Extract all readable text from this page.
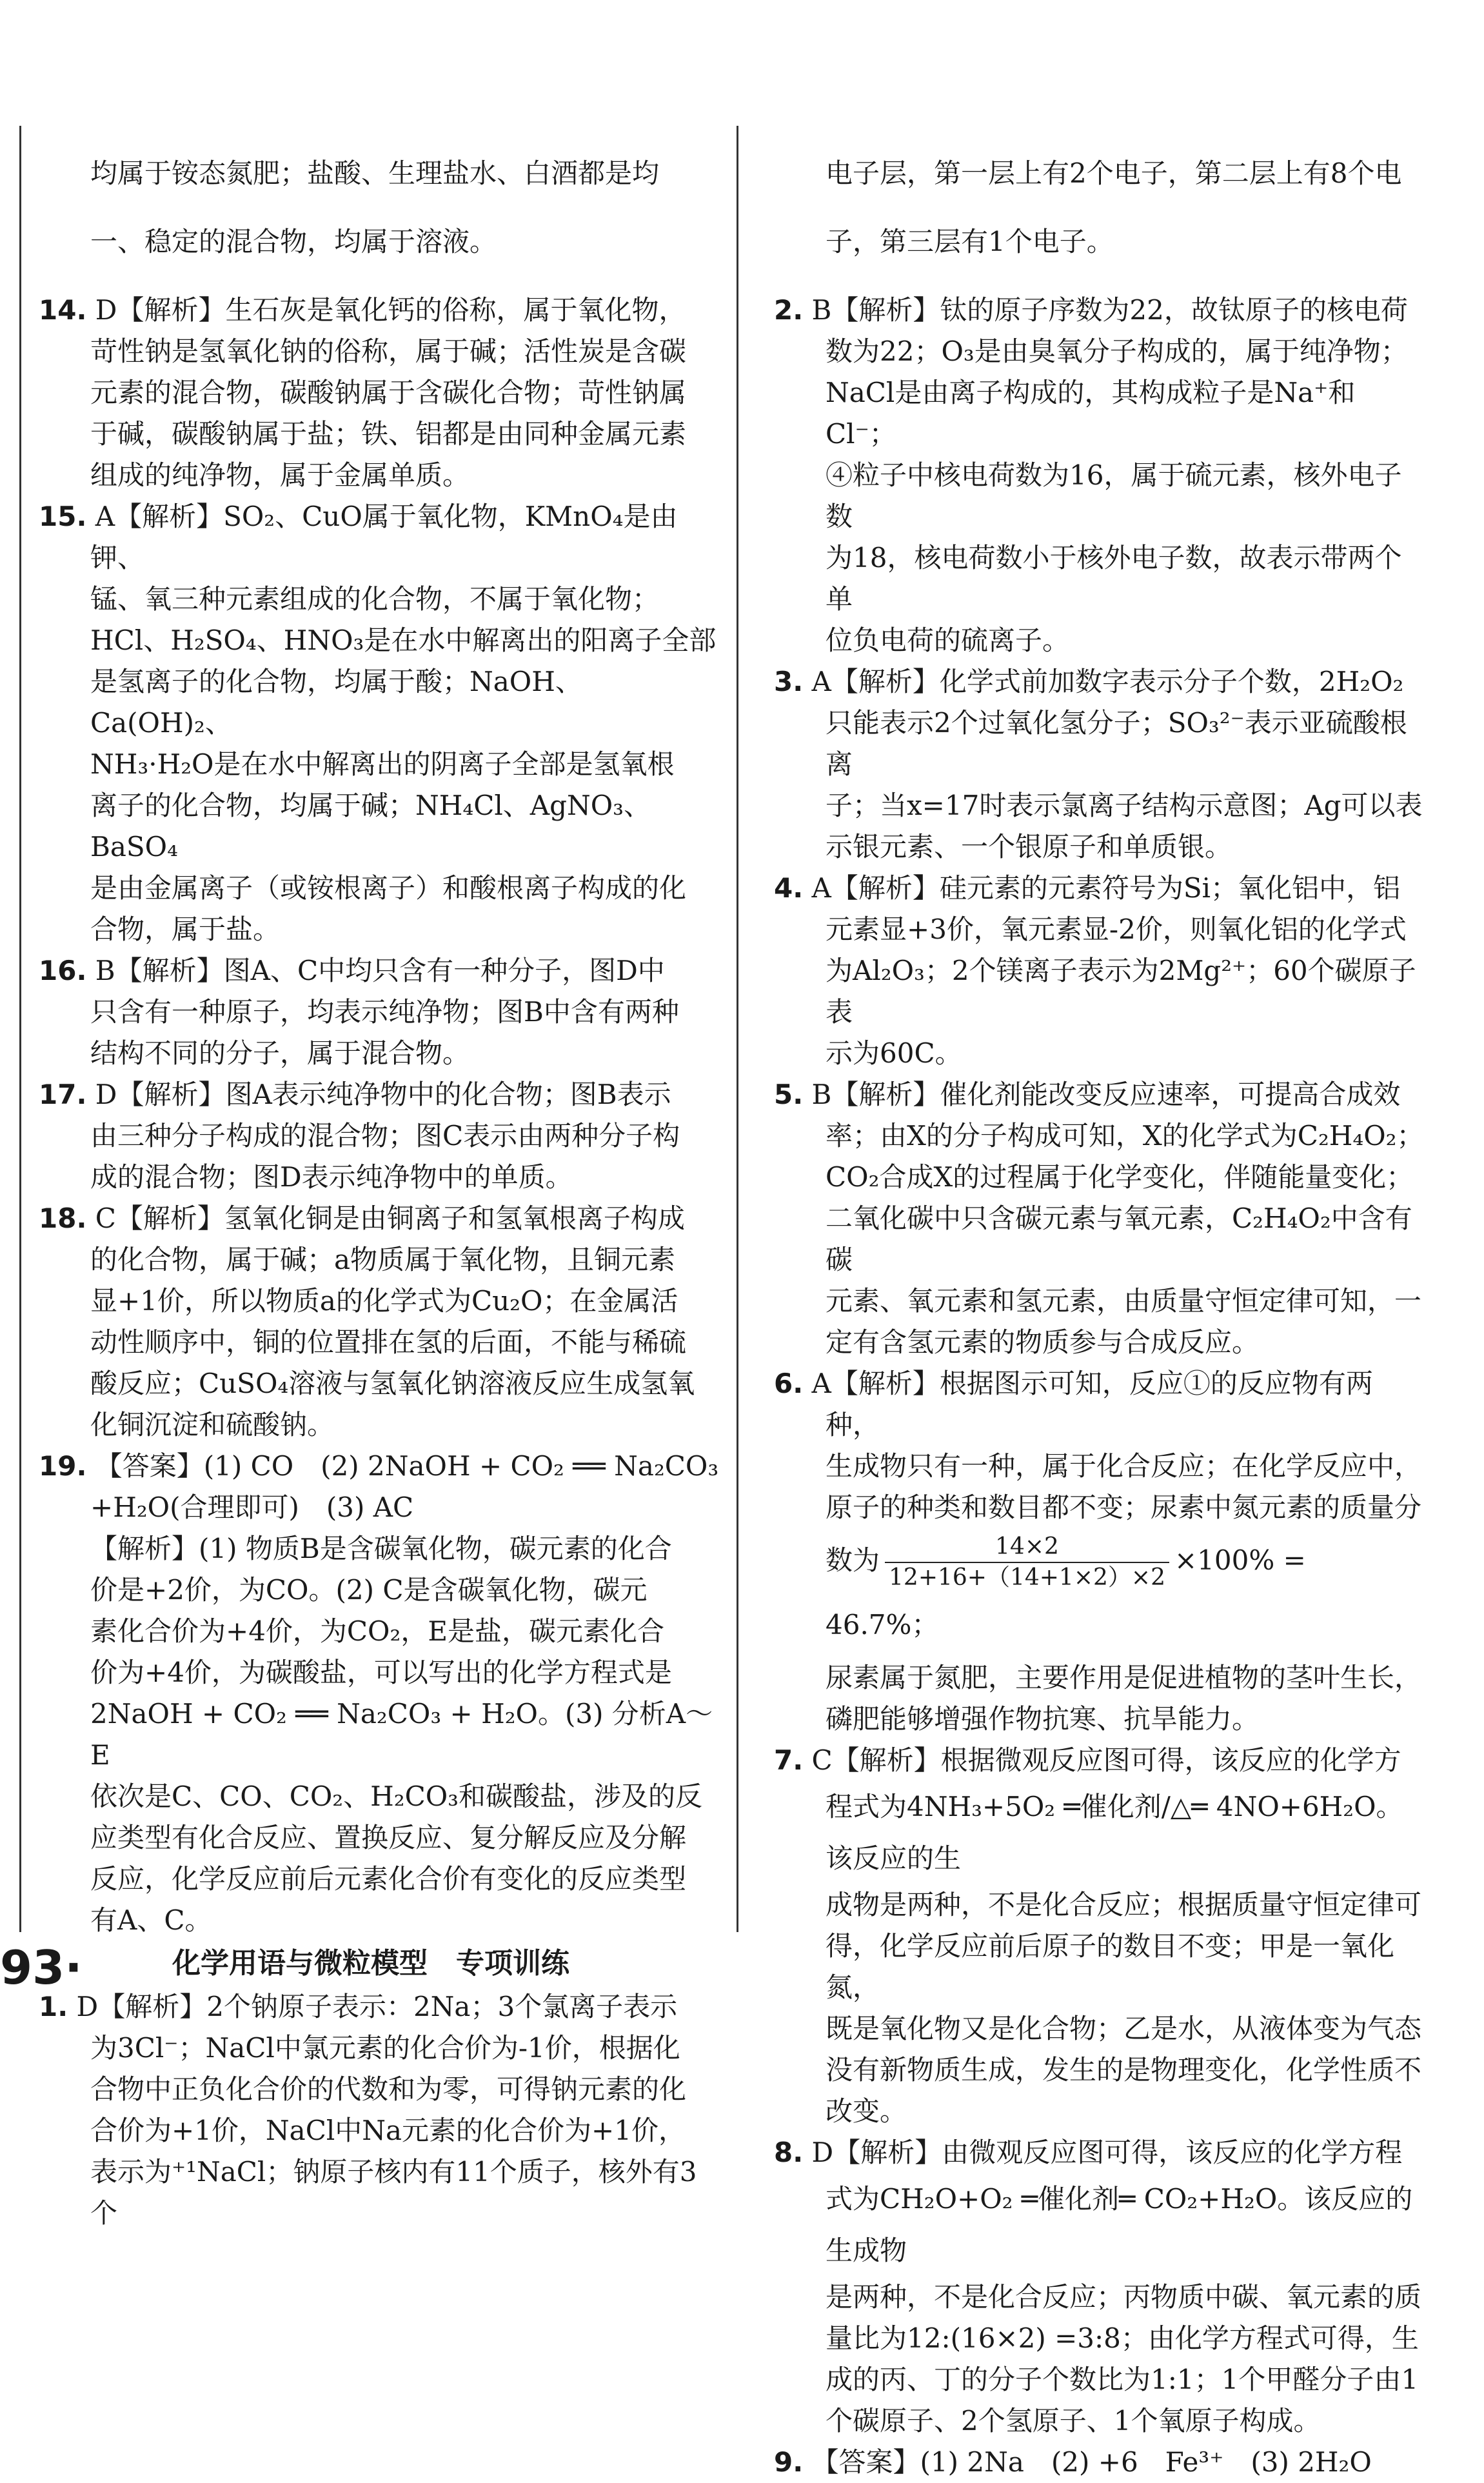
均属于铵态氮肥；盐酸、生理盐水、白酒都是均

一、稳定的混合物，均属于溶液。

14. D【解析】生石灰是氧化钙的俗称，属于氧化物，

苛性钠是氢氧化钠的俗称，属于碱；活性炭是含碳

元素的混合物，碳酸钠属于含碳化合物；苛性钠属

于碱，碳酸钠属于盐；铁、铝都是由同种金属元素

组成的纯净物，属于金属单质。

15. A【解析】SO₂、CuO属于氧化物，KMnO₄是由钾、

锰、氧三种元素组成的化合物，不属于氧化物；

HCl、H₂SO₄、HNO₃是在水中解离出的阳离子全部

是氢离子的化合物，均属于酸；NaOH、Ca(OH)₂、

NH₃·H₂O是在水中解离出的阴离子全部是氢氧根

离子的化合物，均属于碱；NH₄Cl、AgNO₃、BaSO₄

是由金属离子（或铵根离子）和酸根离子构成的化

合物，属于盐。

16. B【解析】图A、C中均只含有一种分子，图D中

只含有一种原子，均表示纯净物；图B中含有两种

结构不同的分子，属于混合物。

17. D【解析】图A表示纯净物中的化合物；图B表示

由三种分子构成的混合物；图C表示由两种分子构

成的混合物；图D表示纯净物中的单质。

18. C【解析】氢氧化铜是由铜离子和氢氧根离子构成

的化合物，属于碱；a物质属于氧化物，且铜元素

显+1价，所以物质a的化学式为Cu₂O；在金属活

动性顺序中，铜的位置排在氢的后面，不能与稀硫

酸反应；CuSO₄溶液与氢氧化钠溶液反应生成氢氧

化铜沉淀和硫酸钠。

19. 【答案】(1) CO　(2) 2NaOH + CO₂ ══ Na₂CO₃

+H₂O(合理即可)　(3) AC

【解析】(1) 物质B是含碳氧化物，碳元素的化合

价是+2价，为CO。(2) C是含碳氧化物，碳元

素化合价为+4价，为CO₂，E是盐，碳元素化合

价为+4价，为碳酸盐，可以写出的化学方程式是

2NaOH + CO₂ ══ Na₂CO₃ + H₂O。(3) 分析A～E

依次是C、CO、CO₂、H₂CO₃和碳酸盐，涉及的反

应类型有化合反应、置换反应、复分解反应及分解

反应，化学反应前后元素化合价有变化的反应类型

有A、C。

化学用语与微粒模型　专项训练

1. D【解析】2个钠原子表示：2Na；3个氯离子表示

为3Cl⁻；NaCl中氯元素的化合价为-1价，根据化

合物中正负化合价的代数和为零，可得钠元素的化

合价为+1价，NaCl中Na元素的化合价为+1价，

表示为⁺¹NaCl；钠原子核内有11个质子，核外有3个

电子层，第一层上有2个电子，第二层上有8个电

子，第三层有1个电子。

2. B【解析】钛的原子序数为22，故钛原子的核电荷

数为22；O₃是由臭氧分子构成的，属于纯净物；

NaCl是由离子构成的，其构成粒子是Na⁺和Cl⁻；

④粒子中核电荷数为16，属于硫元素，核外电子数

为18，核电荷数小于核外电子数，故表示带两个单

位负电荷的硫离子。

3. A【解析】化学式前加数字表示分子个数，2H₂O₂

只能表示2个过氧化氢分子；SO₃²⁻表示亚硫酸根离

子；当x=17时表示氯离子结构示意图；Ag可以表

示银元素、一个银原子和单质银。

4. A【解析】硅元素的元素符号为Si；氧化铝中，铝

元素显+3价，氧元素显-2价，则氧化铝的化学式

为Al₂O₃；2个镁离子表示为2Mg²⁺；60个碳原子表

示为60C。

5. B【解析】催化剂能改变反应速率，可提高合成效

率；由X的分子构成可知，X的化学式为C₂H₄O₂；

CO₂合成X的过程属于化学变化，伴随能量变化；

二氧化碳中只含碳元素与氧元素，C₂H₄O₂中含有碳

元素、氧元素和氢元素，由质量守恒定律可知，一

定有含氢元素的物质参与合成反应。

6. A【解析】根据图示可知，反应①的反应物有两种，

生成物只有一种，属于化合反应；在化学反应中，

原子的种类和数目都不变；尿素中氮元素的质量分

数为 $\frac{14\times 2}{12+16+(14+1\times 2)\times 2} \times 100\% = 46.7\%$；

尿素属于氮肥，主要作用是促进植物的茎叶生长，

磷肥能够增强作物抗寒、抗旱能力。

7. C【解析】根据微观反应图可得，该反应的化学方

程式为4NH₃+5O₂ ═催化剂/△═ 4NO+6H₂O。该反应的生

成物是两种，不是化合反应；根据质量守恒定律可

得，化学反应前后原子的数目不变；甲是一氧化氮，

既是氧化物又是化合物；乙是水，从液体变为气态

没有新物质生成，发生的是物理变化，化学性质不

改变。

8. D【解析】由微观反应图可得，该反应的化学方程

式为CH₂O+O₂ ═催化剂═ CO₂+H₂O。该反应的生成物

是两种，不是化合反应；丙物质中碳、氧元素的质

量比为12:(16×2) =3:8；由化学方程式可得，生

成的丙、丁的分子个数比为1:1；1个甲醛分子由1

个碳原子、2个氢原子、1个氧原子构成。

9. 【答案】(1) 2Na　(2) +6　Fe³⁺　(3) 2H₂O

93·
